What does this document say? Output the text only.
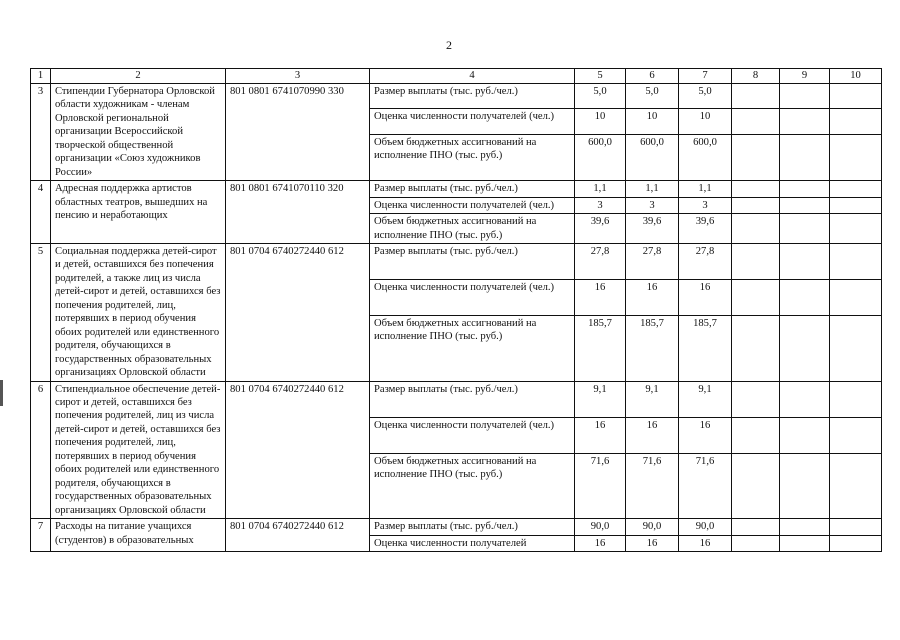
2
1	2	3	4	5	6	7	8	9	10
3	Стипендии Губернатора Орловской области художникам - членам Орловской региональной организации Всероссийской творческой общественной организации «Союз художников России»	801 0801 6741070990 330	Размер выплаты (тыс. руб./чел.)	5,0	5,0	5,0			
			Оценка численности получателей (чел.)	10	10	10			
			Объем бюджетных ассигнований на исполнение ПНО (тыс. руб.)	600,0	600,0	600,0			
4	Адресная поддержка артистов областных театров, вышедших на пенсию и неработающих	801 0801 6741070110 320	Размер выплаты (тыс. руб./чел.)	1,1	1,1	1,1			
			Оценка численности получателей (чел.)	3	3	3			
			Объем бюджетных ассигнований на исполнение ПНО (тыс. руб.)	39,6	39,6	39,6			
5	Социальная поддержка детей-сирот и детей, оставшихся без попечения родителей, а также лиц из числа детей-сирот и детей, оставшихся без попечения родителей, лиц, потерявших в период обучения обоих родителей или единственного родителя, обучающихся в государственных образовательных организациях Орловской области	801 0704 6740272440 612	Размер выплаты (тыс. руб./чел.)	27,8	27,8	27,8			
			Оценка численности получателей (чел.)	16	16	16			
			Объем бюджетных ассигнований на исполнение ПНО (тыс. руб.)	185,7	185,7	185,7			
6	Стипендиальное обеспечение детей-сирот и детей, оставшихся без попечения родителей, лиц из числа детей-сирот и детей, оставшихся без попечения родителей, лиц, потерявших в период обучения обоих родителей или единственного родителя, обучающихся в государственных образовательных организациях Орловской области	801 0704 6740272440 612	Размер выплаты (тыс. руб./чел.)	9,1	9,1	9,1			
			Оценка численности получателей (чел.)	16	16	16			
			Объем бюджетных ассигнований на исполнение ПНО (тыс. руб.)	71,6	71,6	71,6			
7	Расходы на питание учащихся (студентов) в образовательных	801 0704 6740272440 612	Размер выплаты (тыс. руб./чел.)	90,0	90,0	90,0			
			Оценка численности получателей	16	16	16			
